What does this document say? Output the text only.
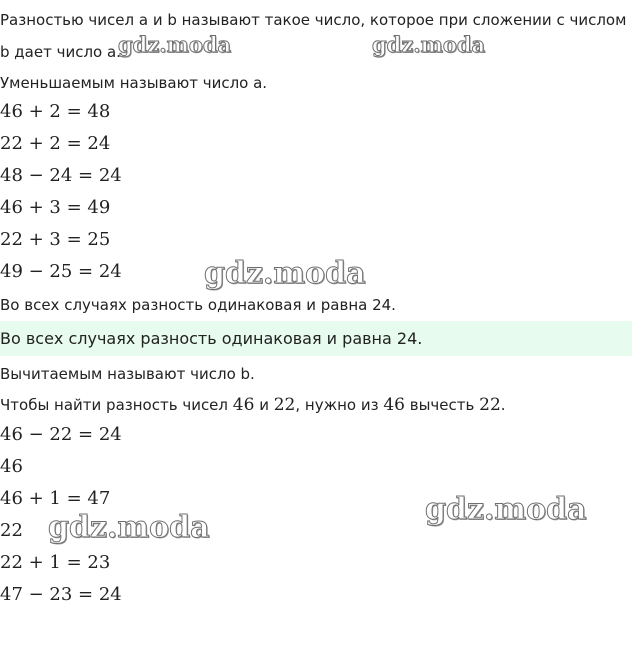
Разностью чисел a и b называют такое число, которое при сложении с числом
b дает число a.
Уменьшаемым называют число a.
46 + 2 = 48
22 + 2 = 24
48 − 24 = 24
46 + 3 = 49
22 + 3 = 25
49 − 25 = 24
Во всех случаях разность одинаковая и равна 24.
Во всех случаях разность одинаковая и равна 24.
Вычитаемым называют число b.
Чтобы найти разность чисел 46 и 22, нужно из 46 вычесть 22.
46 − 22 = 24
46
46 + 1 = 47
22
22 + 1 = 23
47 − 23 = 24
gdz.moda	gdz.moda
gdz.moda
gdz.moda
gdz.moda
